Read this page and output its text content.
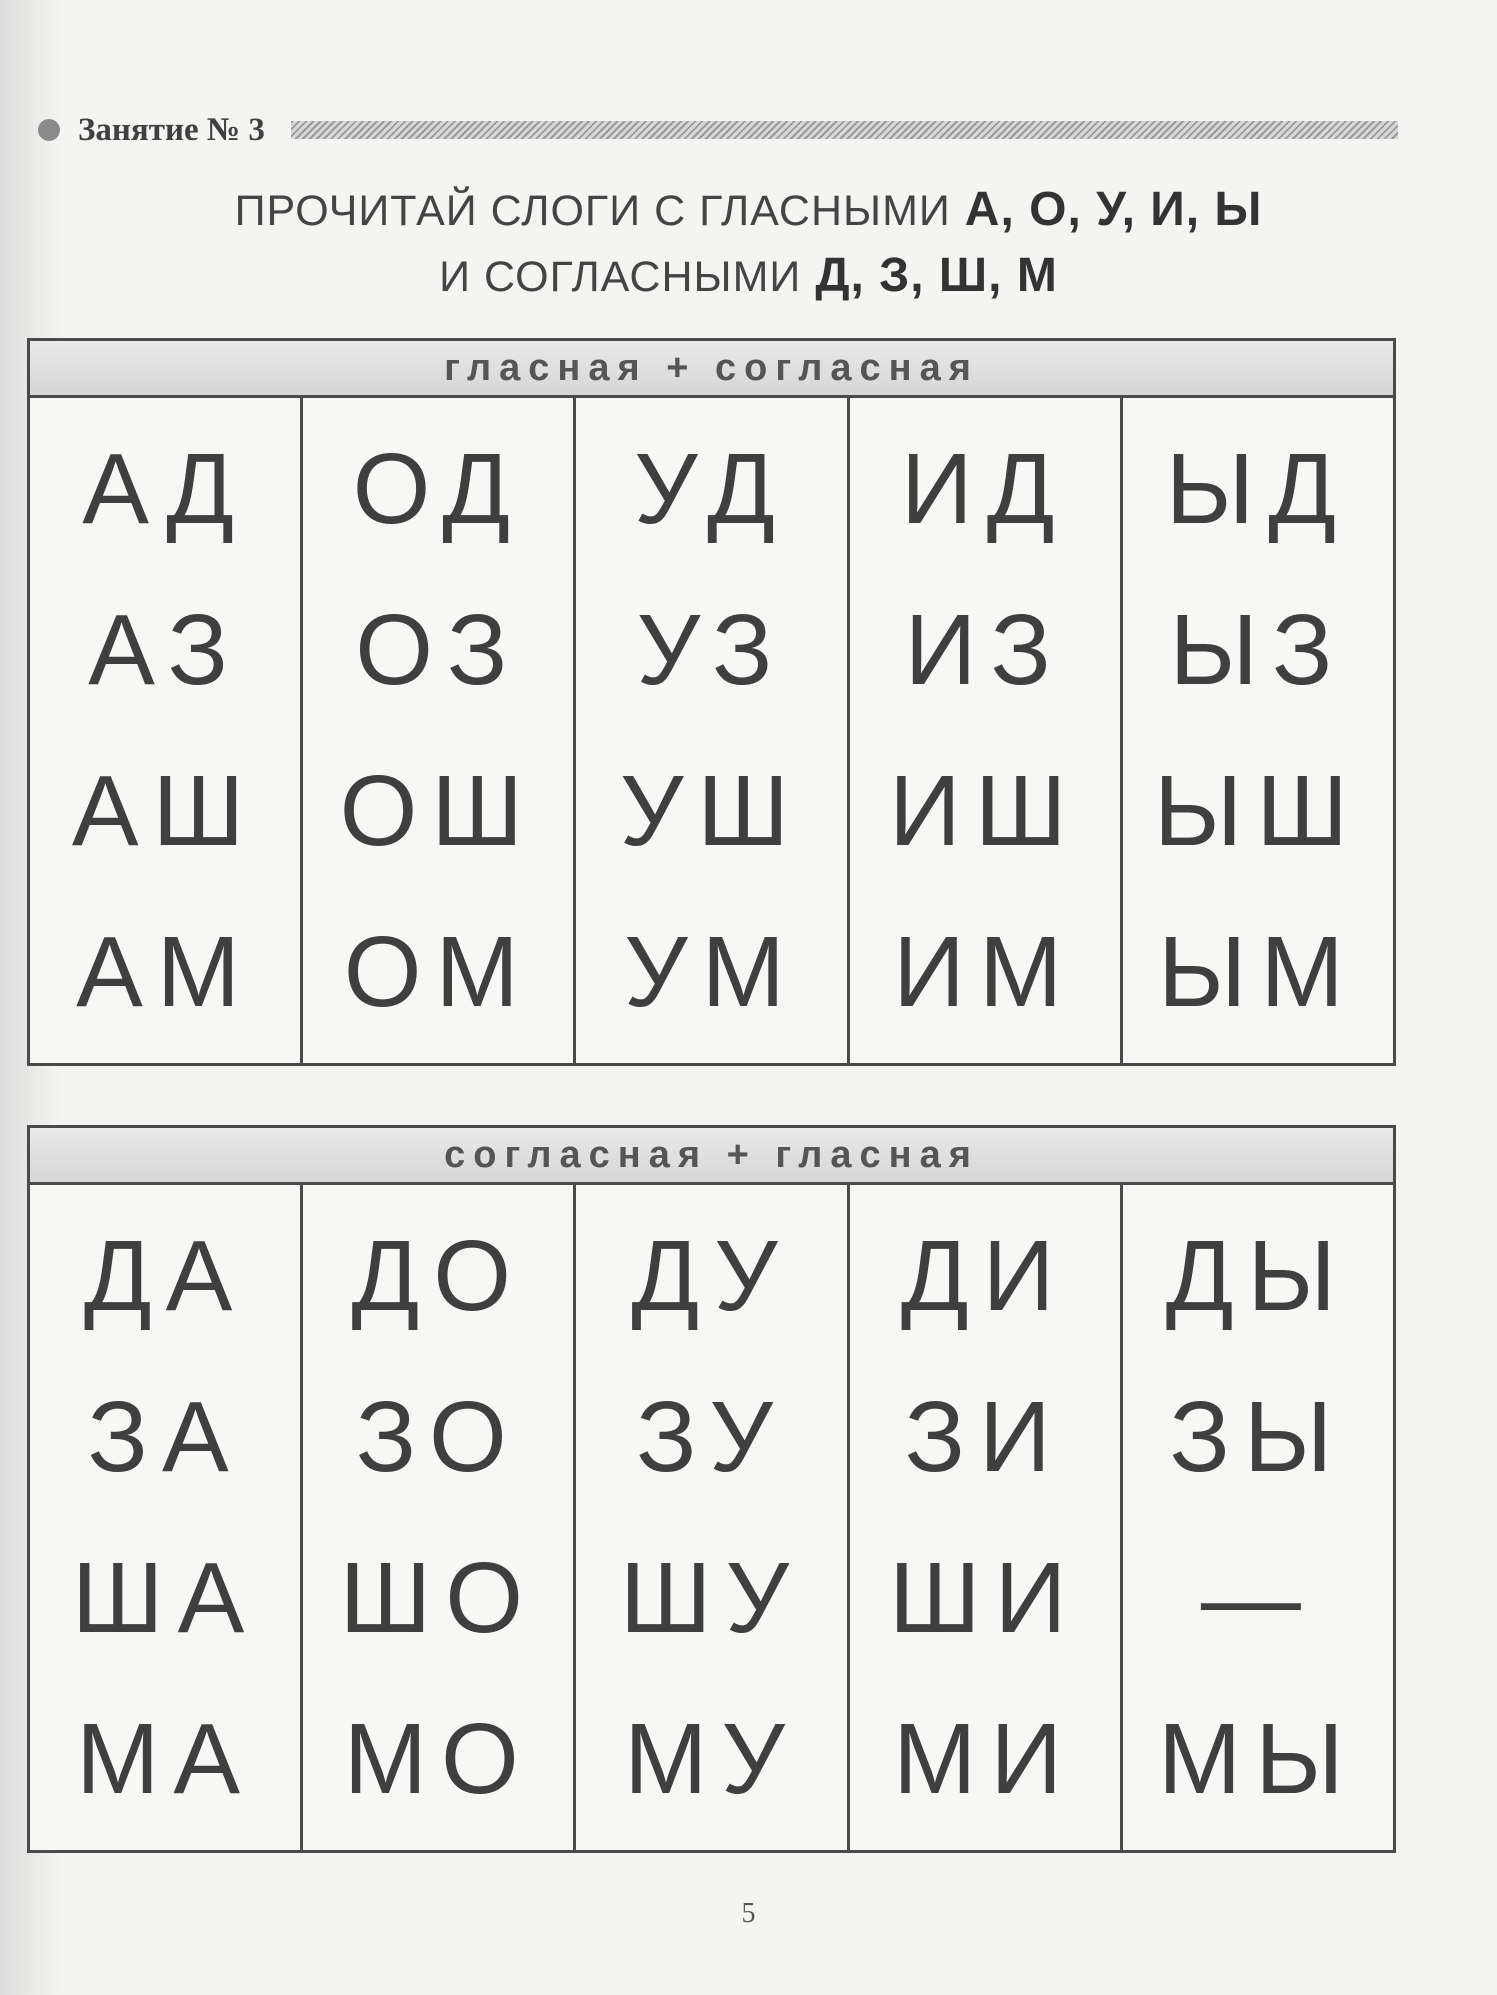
Занятие № 3
ПРОЧИТАЙ СЛОГИ С ГЛАСНЫМИ А, О, У, И, Ы
И СОГЛАСНЫМИ Д, З, Ш, М
гласная + согласная
АД
АЗ
АШ
АМ
ОД
ОЗ
ОШ
ОМ
УД
УЗ
УШ
УМ
ИД
ИЗ
ИШ
ИМ
ЫД
ЫЗ
ЫШ
ЫМ
согласная + гласная
ДА
ЗА
ША
МА
ДО
ЗО
ШО
МО
ДУ
ЗУ
ШУ
МУ
ДИ
ЗИ
ШИ
МИ
ДЫ
ЗЫ
—
МЫ
5
